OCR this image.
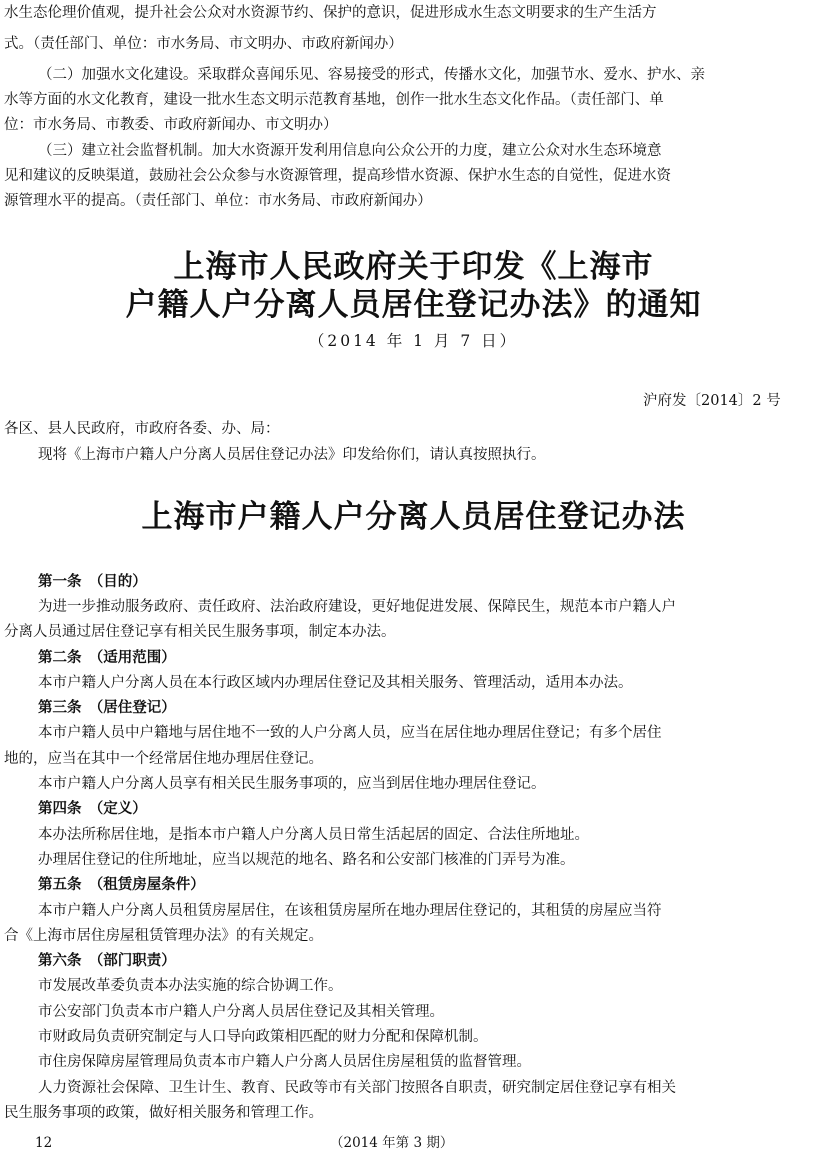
水生态伦理价值观，提升社会公众对水资源节约、保护的意识，促进形成水生态文明要求的生产生活方
式。（责任部门、单位：市水务局、市文明办、市政府新闻办）
（二）加强水文化建设。采取群众喜闻乐见、容易接受的形式，传播水文化，加强节水、爱水、护水、亲
水等方面的水文化教育，建设一批水生态文明示范教育基地，创作一批水生态文化作品。（责任部门、单
位：市水务局、市教委、市政府新闻办、市文明办）
（三）建立社会监督机制。加大水资源开发利用信息向公众公开的力度，建立公众对水生态环境意
见和建议的反映渠道，鼓励社会公众参与水资源管理，提高珍惜水资源、保护水生态的自觉性，促进水资
源管理水平的提高。（责任部门、单位：市水务局、市政府新闻办）
上海市人民政府关于印发《上海市
户籍人户分离人员居住登记办法》的通知
（2014 年 1 月 7 日）
沪府发〔2014〕2 号
各区、县人民政府，市政府各委、办、局：
现将《上海市户籍人户分离人员居住登记办法》印发给你们，请认真按照执行。
上海市户籍人户分离人员居住登记办法
第一条　（目的）
为进一步推动服务政府、责任政府、法治政府建设，更好地促进发展、保障民生，规范本市户籍人户
分离人员通过居住登记享有相关民生服务事项，制定本办法。
第二条　（适用范围）
本市户籍人户分离人员在本行政区域内办理居住登记及其相关服务、管理活动，适用本办法。
第三条　（居住登记）
本市户籍人员中户籍地与居住地不一致的人户分离人员，应当在居住地办理居住登记；有多个居住
地的，应当在其中一个经常居住地办理居住登记。
本市户籍人户分离人员享有相关民生服务事项的，应当到居住地办理居住登记。
第四条　（定义）
本办法所称居住地，是指本市户籍人户分离人员日常生活起居的固定、合法住所地址。
办理居住登记的住所地址，应当以规范的地名、路名和公安部门核准的门弄号为准。
第五条　（租赁房屋条件）
本市户籍人户分离人员租赁房屋居住，在该租赁房屋所在地办理居住登记的，其租赁的房屋应当符
合《上海市居住房屋租赁管理办法》的有关规定。
第六条　（部门职责）
市发展改革委负责本办法实施的综合协调工作。
市公安部门负责本市户籍人户分离人员居住登记及其相关管理。
市财政局负责研究制定与人口导向政策相匹配的财力分配和保障机制。
市住房保障房屋管理局负责本市户籍人户分离人员居住房屋租赁的监督管理。
人力资源社会保障、卫生计生、教育、民政等市有关部门按照各自职责，研究制定居住登记享有相关
民生服务事项的政策，做好相关服务和管理工作。
12	（2014 年第 3 期）
